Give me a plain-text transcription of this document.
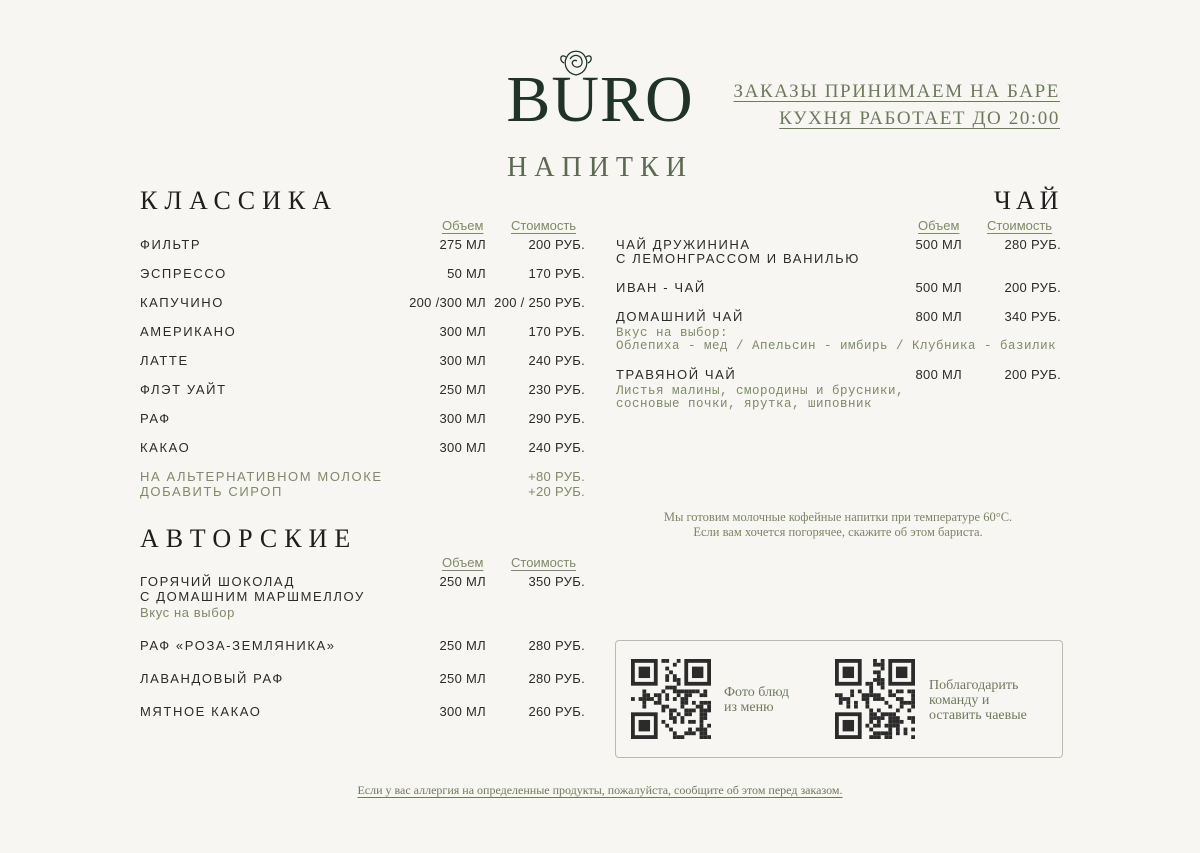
BURO	ЗАКАЗЫ ПРИНИМАЕМ НА БАРЕ
КУХНЯ РАБОТАЕТ ДО 20:00
НАПИТКИ
КЛАССИКА
Объем Стоимость
ФИЛЬТР	275 МЛ	200 РУБ.
ЭСПРЕССО	50 МЛ	170 РУБ.
КАПУЧИНО	200 /300 МЛ 200 / 250 РУБ.
АМЕРИКАНО	300 МЛ	170 РУБ.
ЛАТТЕ	300 МЛ	240 РУБ.
ФЛЭТ УАЙТ	250 МЛ	230 РУБ.
РАФ	300 МЛ	290 РУБ.
КАКАО	300 МЛ	240 РУБ.
НА АЛЬТЕРНАТИВНОМ МОЛОКЕ	+80 РУБ.
ДОБАВИТЬ СИРОП	+20 РУБ.
АВТОРСКИЕ
Объем Стоимость
ГОРЯЧИЙ ШОКОЛАД
С ДОМАШНИМ МАРШМЕЛЛОУ
Вкус на выбор
250 МЛ	350 РУБ.
РАФ «РОЗА-ЗЕМЛЯНИКА»	250 МЛ	280 РУБ.
ЛАВАНДОВЫЙ РАФ	250 МЛ	280 РУБ.
МЯТНОЕ КАКАО	300 МЛ	260 РУБ.
ЧАЙ
Объем Стоимость
ЧАЙ ДРУЖИНИНА
С ЛЕМОНГРАССОМ И ВАНИЛЬЮ
500 МЛ	280 РУБ.
ИВАН - ЧАЙ	500 МЛ	200 РУБ.
ДОМАШНИЙ ЧАЙ	800 МЛ	340 РУБ.
Вкус на выбор:
Облепиха - мед / Апельсин - имбирь / Клубника - базилик
ТРАВЯНОЙ ЧАЙ	800 МЛ	200 РУБ.
Листья малины, смородины и брусники,
сосновые почки, ярутка, шиповник
Мы готовим молочные кофейные напитки при температуре 60°С.
Если вам хочется погорячее, скажите об этом бариста.
Фото блюд
из меню
Поблагодарить
команду и
оставить чаевые
Если у вас аллергия на определенные продукты, пожалуйста, сообщите об этом перед заказом.
